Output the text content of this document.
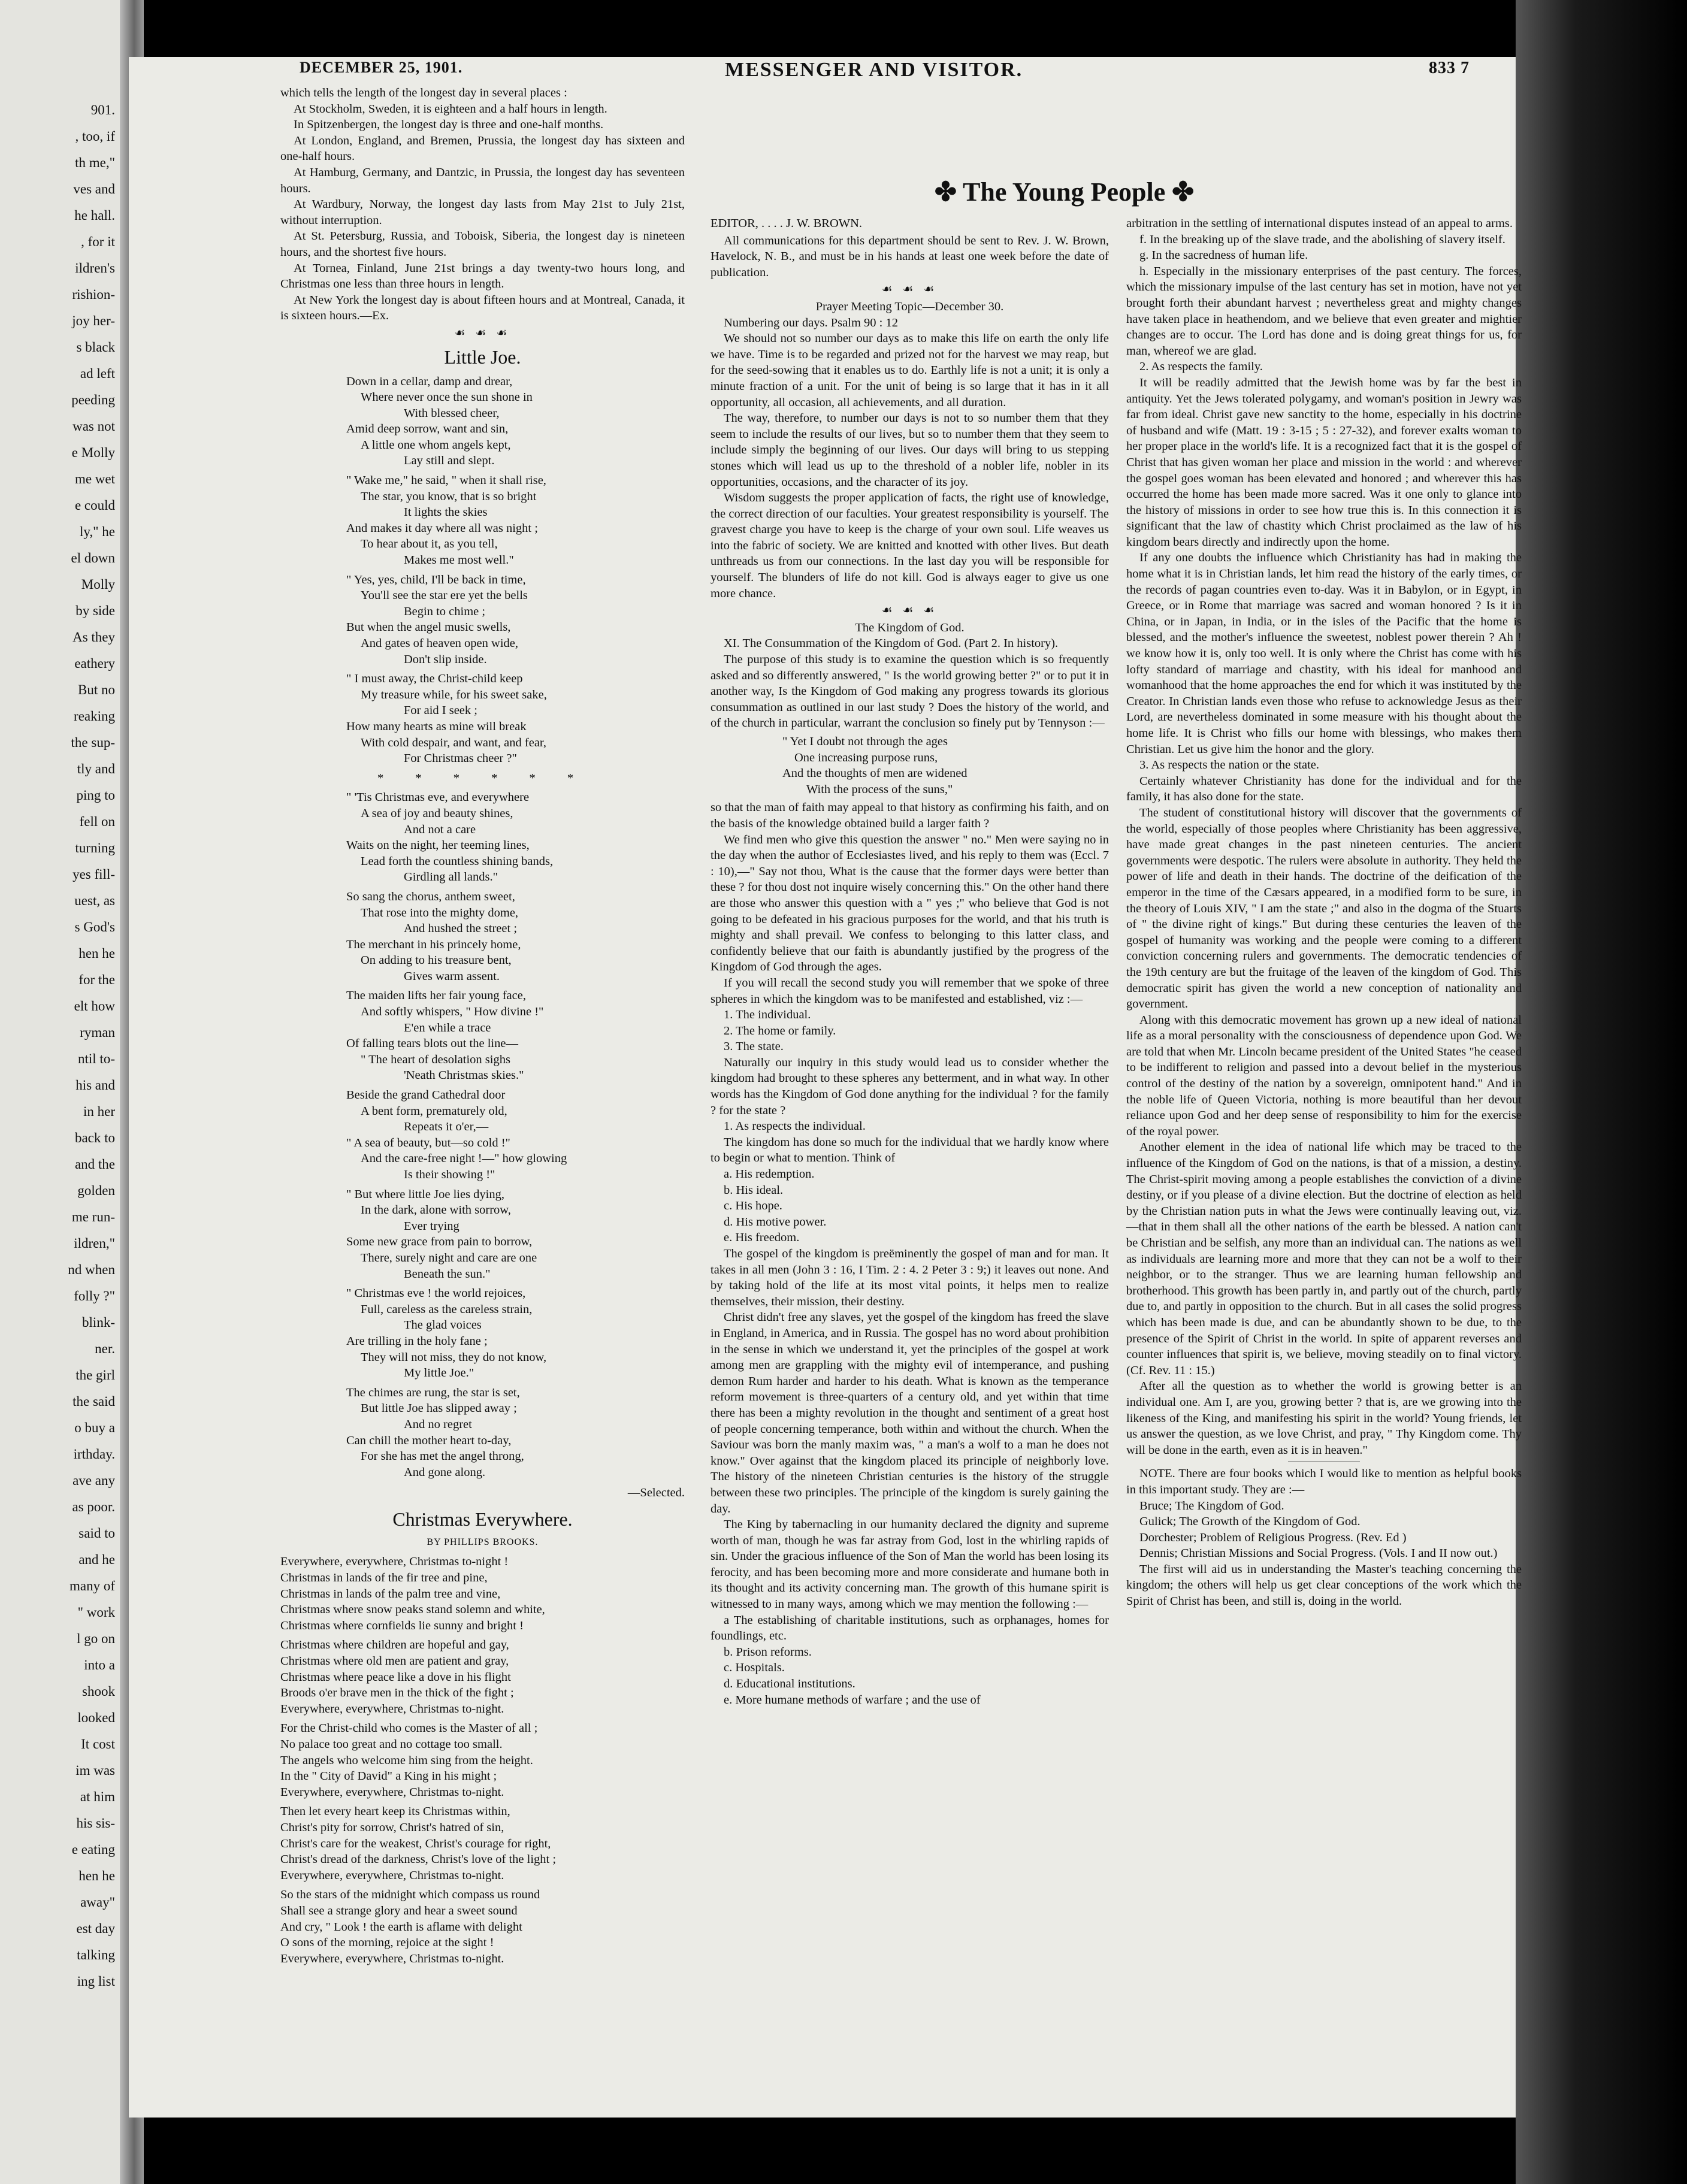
901.
, too, if
th me,"
ves and
he hall.
, for it
ildren's
rishion-
joy her-
s black
ad left
peeding
was not
e Molly
me wet
e could
ly," he
el down
Molly
by side
As they
eathery
But no
reaking
the sup-
tly and
ping to
fell on
turning
yes fill-
uest, as
s God's
hen he
for the
elt how
ryman
ntil to-
his and
in her
back to
and the
golden
me run-
ildren,"
nd when
folly ?"
blink-
ner.
the girl
the said
o buy a
irthday.
ave any
as poor.
said to
and he
many of
" work
l go on
into a
shook
looked
It cost
im was
at him
his sis-
e eating
hen he
away"
est day
talking
ing list
DECEMBER 25, 1901.	MESSENGER AND VISITOR.	833 7
✤ The Young People ✤

which tells the length of the longest day in several places :

At Stockholm, Sweden, it is eighteen and a half hours in length.

In Spitzenbergen, the longest day is three and one-half months.

At London, England, and Bremen, Prussia, the longest day has sixteen and one-half hours.

At Hamburg, Germany, and Dantzic, in Prussia, the longest day has seventeen hours.

At Wardbury, Norway, the longest day lasts from May 21st to July 21st, without interruption.

At St. Petersburg, Russia, and Toboisk, Siberia, the longest day is nineteen hours, and the shortest five hours.

At Tornea, Finland, June 21st brings a day twenty-two hours long, and Christmas one less than three hours in length.

At New York the longest day is about fifteen hours and at Montreal, Canada, it is sixteen hours.—Ex.

☙ ☙ ☙
Little Joe.
Down in a cellar, damp and drear,
Where never once the sun shone in
With blessed cheer,
Amid deep sorrow, want and sin,
A little one whom angels kept,
Lay still and slept.
" Wake me," he said, " when it shall rise,
The star, you know, that is so bright
It lights the skies
And makes it day where all was night ;
To hear about it, as you tell,
Makes me most well."
" Yes, yes, child, I'll be back in time,
You'll see the star ere yet the bells
Begin to chime ;
But when the angel music swells,
And gates of heaven open wide,
Don't slip inside.
" I must away, the Christ-child keep
My treasure while, for his sweet sake,
For aid I seek ;
How many hearts as mine will break
With cold despair, and want, and fear,
For Christmas cheer ?"
* * * * * *
" 'Tis Christmas eve, and everywhere
A sea of joy and beauty shines,
And not a care
Waits on the night, her teeming lines,
Lead forth the countless shining bands,
Girdling all lands."
So sang the chorus, anthem sweet,
That rose into the mighty dome,
And hushed the street ;
The merchant in his princely home,
On adding to his treasure bent,
Gives warm assent.
The maiden lifts her fair young face,
And softly whispers, " How divine !"
E'en while a trace
Of falling tears blots out the line—
" The heart of desolation sighs
'Neath Christmas skies."
Beside the grand Cathedral door
A bent form, prematurely old,
Repeats it o'er,—
" A sea of beauty, but—so cold !"
And the care-free night !—" how glowing
Is their showing !"
" But where little Joe lies dying,
In the dark, alone with sorrow,
Ever trying
Some new grace from pain to borrow,
There, surely night and care are one
Beneath the sun."
" Christmas eve ! the world rejoices,
Full, careless as the careless strain,
The glad voices
Are trilling in the holy fane ;
They will not miss, they do not know,
My little Joe."
The chimes are rung, the star is set,
But little Joe has slipped away ;
And no regret
Can chill the mother heart to-day,
For she has met the angel throng,
And gone along.
—Selected.
Christmas Everywhere.
BY PHILLIPS BROOKS.
Everywhere, everywhere, Christmas to-night !
Christmas in lands of the fir tree and pine,
Christmas in lands of the palm tree and vine,
Christmas where snow peaks stand solemn and white,
Christmas where cornfields lie sunny and bright !
Christmas where children are hopeful and gay,
Christmas where old men are patient and gray,
Christmas where peace like a dove in his flight
Broods o'er brave men in the thick of the fight ;
Everywhere, everywhere, Christmas to-night.
For the Christ-child who comes is the Master of all ;
No palace too great and no cottage too small.
The angels who welcome him sing from the height.
In the " City of David" a King in his might ;
Everywhere, everywhere, Christmas to-night.
Then let every heart keep its Christmas within,
Christ's pity for sorrow, Christ's hatred of sin,
Christ's care for the weakest, Christ's courage for right,
Christ's dread of the darkness, Christ's love of the light ;
Everywhere, everywhere, Christmas to-night.
So the stars of the midnight which compass us round
Shall see a strange glory and hear a sweet sound
And cry, " Look ! the earth is aflame with delight
O sons of the morning, rejoice at the sight !
Everywhere, everywhere, Christmas to-night.

EDITOR, . . . . J. W. BROWN.

All communications for this department should be sent to Rev. J. W. Brown, Havelock, N. B., and must be in his hands at least one week before the date of publication.

☙ ☙ ☙
Prayer Meeting Topic—December 30.

Numbering our days. Psalm 90 : 12

We should not so number our days as to make this life on earth the only life we have. Time is to be regarded and prized not for the harvest we may reap, but for the seed-sowing that it enables us to do. Earthly life is not a unit; it is only a minute fraction of a unit. For the unit of being is so large that it has in it all opportunity, all occasion, all achievements, and all duration.

The way, therefore, to number our days is not to so number them that they seem to include the results of our lives, but so to number them that they seem to include simply the beginning of our lives. Our days will bring to us stepping stones which will lead us up to the threshold of a nobler life, nobler in its opportunities, occasions, and the character of its joy.

Wisdom suggests the proper application of facts, the right use of knowledge, the correct direction of our faculties. Your greatest responsibility is yourself. The gravest charge you have to keep is the charge of your own soul. Life weaves us into the fabric of society. We are knitted and knotted with other lives. But death unthreads us from our connections. In the last day you will be responsible for yourself. The blunders of life do not kill. God is always eager to give us one more chance.

☙ ☙ ☙
The Kingdom of God.

XI. The Consummation of the Kingdom of God. (Part 2. In history).

The purpose of this study is to examine the question which is so frequently asked and so differently answered, " Is the world growing better ?" or to put it in another way, Is the Kingdom of God making any progress towards its glorious consummation as outlined in our last study ? Does the history of the world, and of the church in particular, warrant the conclusion so finely put by Tennyson :—

" Yet I doubt not through the ages
One increasing purpose runs,
And the thoughts of men are widened
With the process of the suns,"

so that the man of faith may appeal to that history as confirming his faith, and on the basis of the knowledge obtained build a larger faith ?

We find men who give this question the answer " no." Men were saying no in the day when the author of Ecclesiastes lived, and his reply to them was (Eccl. 7 : 10),—" Say not thou, What is the cause that the former days were better than these ? for thou dost not inquire wisely concerning this." On the other hand there are those who answer this question with a " yes ;" who believe that God is not going to be defeated in his gracious purposes for the world, and that his truth is mighty and shall prevail. We confess to belonging to this latter class, and confidently believe that our faith is abundantly justified by the progress of the Kingdom of God through the ages.

If you will recall the second study you will remember that we spoke of three spheres in which the kingdom was to be manifested and established, viz :—

1. The individual.

2. The home or family.

3. The state.

Naturally our inquiry in this study would lead us to consider whether the kingdom had brought to these spheres any betterment, and in what way. In other words has the Kingdom of God done anything for the individual ? for the family ? for the state ?

1. As respects the individual.

The kingdom has done so much for the individual that we hardly know where to begin or what to mention. Think of

a. His redemption.

b. His ideal.

c. His hope.

d. His motive power.

e. His freedom.

The gospel of the kingdom is preëminently the gospel of man and for man. It takes in all men (John 3 : 16, I Tim. 2 : 4. 2 Peter 3 : 9;) it leaves out none. And by taking hold of the life at its most vital points, it helps men to realize themselves, their mission, their destiny.

Christ didn't free any slaves, yet the gospel of the kingdom has freed the slave in England, in America, and in Russia. The gospel has no word about prohibition in the sense in which we understand it, yet the principles of the gospel at work among men are grappling with the mighty evil of intemperance, and pushing demon Rum harder and harder to his death. What is known as the temperance reform movement is three-quarters of a century old, and yet within that time there has been a mighty revolution in the thought and sentiment of a great host of people concerning temperance, both within and without the church. When the Saviour was born the manly maxim was, " a man's a wolf to a man he does not know." Over against that the kingdom placed its principle of neighborly love. The history of the nineteen Christian centuries is the history of the struggle between these two principles. The principle of the kingdom is surely gaining the day.

The King by tabernacling in our humanity declared the dignity and supreme worth of man, though he was far astray from God, lost in the whirling rapids of sin. Under the gracious influence of the Son of Man the world has been losing its ferocity, and has been becoming more and more considerate and humane both in its thought and its activity concerning man. The growth of this humane spirit is witnessed to in many ways, among which we may mention the following :—

a The establishing of charitable institutions, such as orphanages, homes for foundlings, etc.

b. Prison reforms.

c. Hospitals.

d. Educational institutions.

e. More humane methods of warfare ; and the use of

arbitration in the settling of international disputes instead of an appeal to arms.

f. In the breaking up of the slave trade, and the abolishing of slavery itself.

g. In the sacredness of human life.

h. Especially in the missionary enterprises of the past century. The forces, which the missionary impulse of the last century has set in motion, have not yet brought forth their abundant harvest ; nevertheless great and mighty changes have taken place in heathendom, and we believe that even greater and mightier changes are to occur. The Lord has done and is doing great things for us, for man, whereof we are glad.

2. As respects the family.

It will be readily admitted that the Jewish home was by far the best in antiquity. Yet the Jews tolerated polygamy, and woman's position in Jewry was far from ideal. Christ gave new sanctity to the home, especially in his doctrine of husband and wife (Matt. 19 : 3-15 ; 5 : 27-32), and forever exalts woman to her proper place in the world's life. It is a recognized fact that it is the gospel of Christ that has given woman her place and mission in the world : and wherever the gospel goes woman has been elevated and honored ; and wherever this has occurred the home has been made more sacred. Was it one only to glance into the history of missions in order to see how true this is. In this connection it is significant that the law of chastity which Christ proclaimed as the law of his kingdom bears directly and indirectly upon the home.

If any one doubts the influence which Christianity has had in making the home what it is in Christian lands, let him read the history of the early times, or the records of pagan countries even to-day. Was it in Babylon, or in Egypt, in Greece, or in Rome that marriage was sacred and woman honored ? Is it in China, or in Japan, in India, or in the isles of the Pacific that the home is blessed, and the mother's influence the sweetest, noblest power therein ? Ah ! we know how it is, only too well. It is only where the Christ has come with his lofty standard of marriage and chastity, with his ideal for manhood and womanhood that the home approaches the end for which it was instituted by the Creator. In Christian lands even those who refuse to acknowledge Jesus as their Lord, are nevertheless dominated in some measure with his thought about the home life. It is Christ who fills our home with blessings, who makes them Christian. Let us give him the honor and the glory.

3. As respects the nation or the state.

Certainly whatever Christianity has done for the individual and for the family, it has also done for the state.

The student of constitutional history will discover that the governments of the world, especially of those peoples where Christianity has been aggressive, have made great changes in the past nineteen centuries. The ancient governments were despotic. The rulers were absolute in authority. They held the power of life and death in their hands. The doctrine of the deification of the emperor in the time of the Cæsars appeared, in a modified form to be sure, in the theory of Louis XIV, " I am the state ;" and also in the dogma of the Stuarts of " the divine right of kings." But during these centuries the leaven of the gospel of humanity was working and the people were coming to a different conviction concerning rulers and governments. The democratic tendencies of the 19th century are but the fruitage of the leaven of the kingdom of God. This democratic spirit has given the world a new conception of nationality and government.

Along with this democratic movement has grown up a new ideal of national life as a moral personality with the consciousness of dependence upon God. We are told that when Mr. Lincoln became president of the United States "he ceased to be indifferent to religion and passed into a devout belief in the mysterious control of the destiny of the nation by a sovereign, omnipotent hand." And in the noble life of Queen Victoria, nothing is more beautiful than her devout reliance upon God and her deep sense of responsibility to him for the exercise of the royal power.

Another element in the idea of national life which may be traced to the influence of the Kingdom of God on the nations, is that of a mission, a destiny. The Christ-spirit moving among a people establishes the conviction of a divine destiny, or if you please of a divine election. But the doctrine of election as held by the Christian nation puts in what the Jews were continually leaving out, viz.—that in them shall all the other nations of the earth be blessed. A nation can't be Christian and be selfish, any more than an individual can. The nations as well as individuals are learning more and more that they can not be a wolf to their neighbor, or to the stranger. Thus we are learning human fellowship and brotherhood. This growth has been partly in, and partly out of the church, partly due to, and partly in opposition to the church. But in all cases the solid progress which has been made is due, and can be abundantly shown to be due, to the presence of the Spirit of Christ in the world. In spite of apparent reverses and counter influences that spirit is, we believe, moving steadily on to final victory. (Cf. Rev. 11 : 15.)

After all the question as to whether the world is growing better is an individual one. Am I, are you, growing better ? that is, are we growing into the likeness of the King, and manifesting his spirit in the world? Young friends, let us answer the question, as we love Christ, and pray, " Thy Kingdom come. Thy will be done in the earth, even as it is in heaven."

NOTE. There are four books which I would like to mention as helpful books in this important study. They are :—

Bruce; The Kingdom of God.

Gulick; The Growth of the Kingdom of God.

Dorchester; Problem of Religious Progress. (Rev. Ed )

Dennis; Christian Missions and Social Progress. (Vols. I and II now out.)

The first will aid us in understanding the Master's teaching concerning the kingdom; the others will help us get clear conceptions of the work which the Spirit of Christ has been, and still is, doing in the world.
